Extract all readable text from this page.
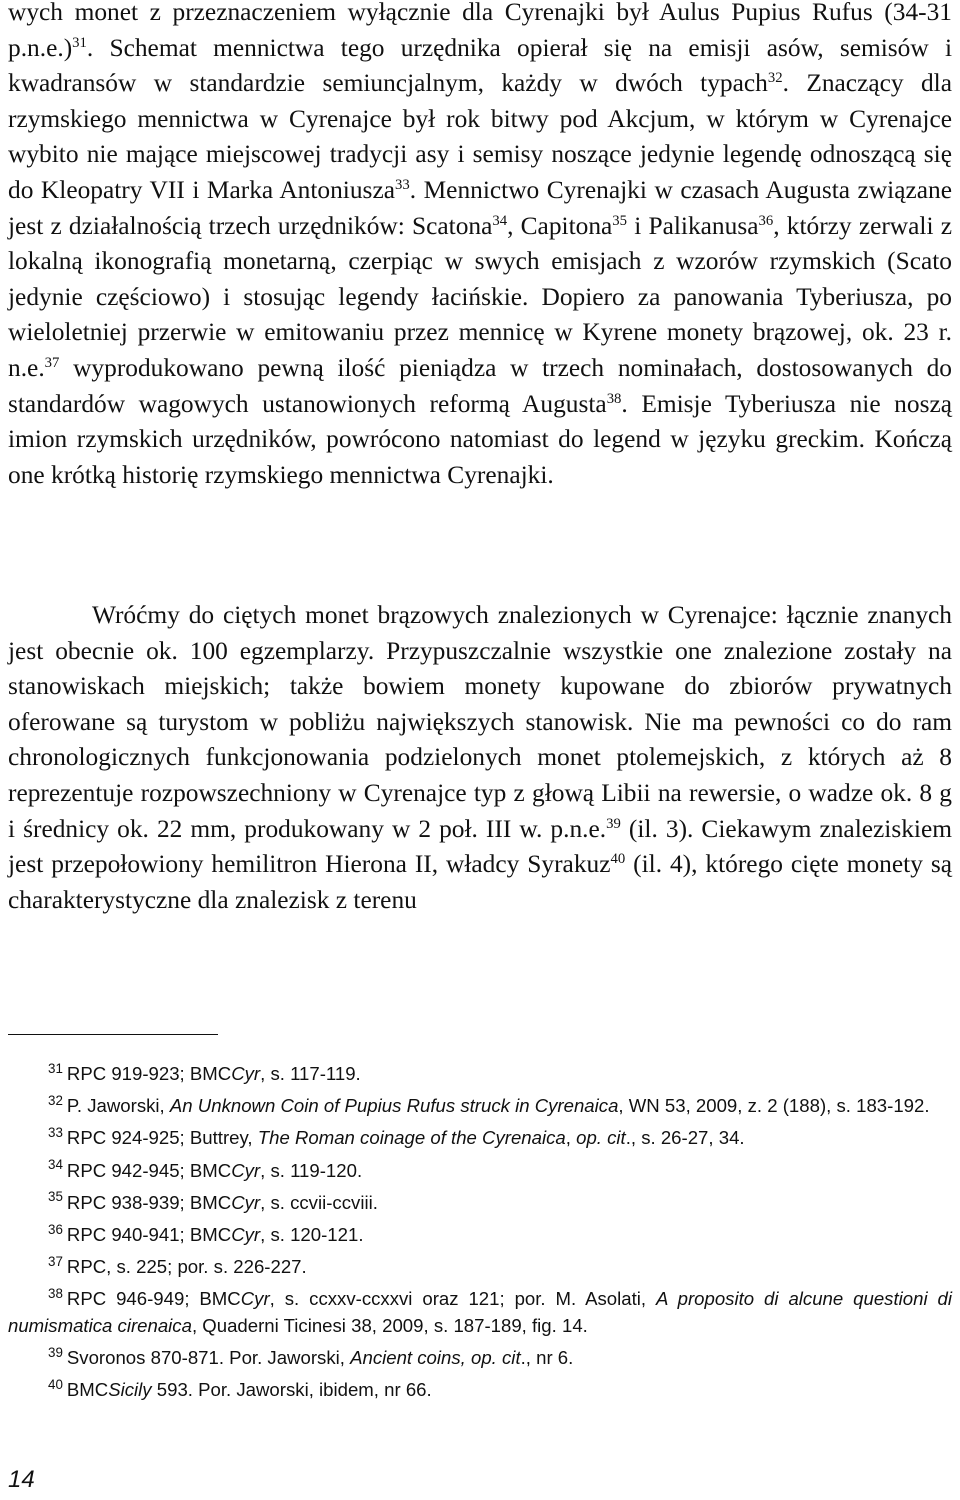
wych monet z przeznaczeniem wyłącznie dla Cyrenajki był Aulus Pupius Rufus (34-31 p.n.e.)$^{31}$. Schemat mennictwa tego urzędnika opierał się na emisji asów, semisów i kwadransów w standardzie semiuncjalnym, każdy w dwóch typach$^{32}$. Znaczący dla rzymskiego mennictwa w Cyrenajce był rok bitwy pod Akcjum, w którym w Cyrenajce wybito nie mające miejscowej tradycji asy i semisy noszące jedynie legendę odnoszącą się do Kleopatry VII i Marka Antoniusza$^{33}$. Mennictwo Cyrenajki w czasach Augusta związane jest z działalnością trzech urzędników: Scatona$^{34}$, Capitona$^{35}$ i Palikanusa$^{36}$, którzy zerwali z lokalną ikonografią monetarną, czerpiąc w swych emisjach z wzorów rzymskich (Scato jedynie częściowo) i stosując legendy łacińskie. Dopiero za panowania Tyberiusza, po wieloletniej przerwie w emitowaniu przez mennicę w Kyrene monety brązowej, ok. 23 r. n.e.$^{37}$ wyprodukowano pewną ilość pieniądza w trzech nominałach, dostosowanych do standardów wagowych ustanowionych reformą Augusta$^{38}$. Emisje Tyberiusza nie noszą imion rzymskich urzędników, powrócono natomiast do legend w języku greckim. Kończą one krótką historię rzymskiego mennictwa Cyrenajki.

Wróćmy do ciętych monet brązowych znalezionych w Cyrenajce: łącznie znanych jest obecnie ok. 100 egzemplarzy. Przypuszczalnie wszystkie one znalezione zostały na stanowiskach miejskich; także bowiem monety kupowane do zbiorów prywatnych oferowane są turystom w pobliżu największych stanowisk. Nie ma pewności co do ram chronologicznych funkcjonowania podzielonych monet ptolemejskich, z których aż 8 reprezentuje rozpowszechniony w Cyrenajce typ z głową Libii na rewersie, o wadze ok. 8 g i średnicy ok. 22 mm, produkowany w 2 poł. III w. p.n.e.$^{39}$ (il. 3). Ciekawym znaleziskiem jest przepołowiony hemilitron Hierona II, władcy Syrakuz$^{40}$ (il. 4), którego cięte monety są charakterystyczne dla znalezisk z terenu

$^{31}$ RPC 919-923; BMCCyr, s. 117-119.

$^{32}$ P. Jaworski, An Unknown Coin of Pupius Rufus struck in Cyrenaica, WN 53, 2009, z. 2 (188), s. 183-192.

$^{33}$ RPC 924-925; Buttrey, The Roman coinage of the Cyrenaica, op. cit., s. 26-27, 34.

$^{34}$ RPC 942-945; BMCCyr, s. 119-120.

$^{35}$ RPC 938-939; BMCCyr, s. ccvii-ccviii.

$^{36}$ RPC 940-941; BMCCyr, s. 120-121.

$^{37}$ RPC, s. 225; por. s. 226-227.

$^{38}$ RPC 946-949; BMCCyr, s. ccxxv-ccxxvi oraz 121; por. M. Asolati, A proposito di alcune questioni di numismatica cirenaica, Quaderni Ticinesi 38, 2009, s. 187-189, fig. 14.

$^{39}$ Svoronos 870-871. Por. Jaworski, Ancient coins, op. cit., nr 6.

$^{40}$ BMCSicily 593. Por. Jaworski, ibidem, nr 66.

14
